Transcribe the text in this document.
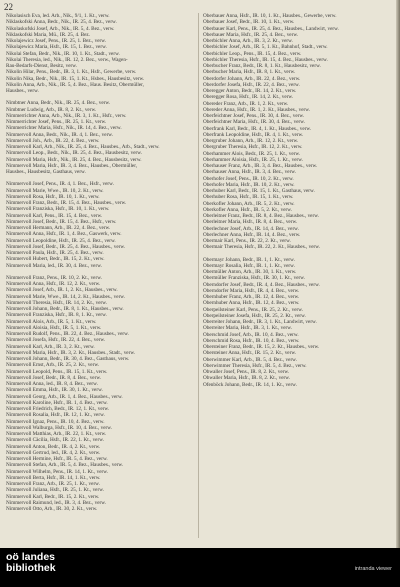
22
Nikolasisch Eva, led. Arb., Nik., 9/1, 1. Kt., verw.
Niklaskofski Anna, Bedr., Nik., IR. 25, 4. Bez., verw.
Nikolaskofski Josef, Arb., Nik., IR. 5, 4. Bez., verw.
Niklaskofski Maria, Mü., IR. 25, 4. Bez.
Nikolajewicz Josef, Pens., IR. 25, 1. Bez., verw.
Nikolajewicz Maria, Hsfr., IR. 15, 1. Bez., verw.
Nikolai Stefan, Bedr., Nik., IR. 10, 1. Kt., Stadt., verw.
Nikolai Theresia, led., Nik., IR. 12, 2. Bez., verw., Wagen-
Rau-Bedarfs-Dienst, Besitz, verw.
Nikolin Hilar, Pens., Bedr., IR. 3, 1. Kt., Hsfr., Gewerbe, verw.
Nikolin Nika, Bedr., Nik., IR. 15, 1. Kt., Hsbes., Hausbesitz, verw.
Nikolin Anna, Arb., Nik., IR. 5, 4. Bez., Haus. Besitz, Obermüller,
Hausbes., verw.
Nimbtner Anna, Bedr., Nik., IR. 25, 4. Bez., verw.
Nimbtner Ludwig, Arb., IR. 8, 2. Kt., verw.
Nimmerrichter Anna, Arb., Nik., IR. 3, 1. Kt., Hsfr., verw.
Nimmerrichter Josef, Pens., IR. 25, 1. Kt., verw.
Nimmerrichter Maria, Hsfr., Nik., IR. 14, 4. Bez., verw.
Nimmervoll Anna, Bedr., Nik., IR. 4, 1. Bez., verw.
Nimmervoll Joh., Arb., IR. 22, 4. Bez., verw.
Nimmervoll Karl, Arb., Nik., IR. 25, 4. Bez., Hausbes., Arb., Stadt., verw.
Nimmervoll Leop., Bedr., Nik., IR. 25, 4. Bez., Hausbesitz, verw.
Nimmervoll Maria, Hsfr., Nik., IR. 25, 4. Bez., Hausbesitz, verw.
Nimmervoll Maria, Hsfr., IR. 3, 4. Bez., Hausbes., Obermüller,
Hausbes., Hausbesitz, Gasthaus, verw.
Nimmervoll Josef, Pens., IR. 4, 1. Bez., Hsfr., verw.
Nimmervoll Marie, Wwe., IR. 10, 2. Kt., verw.
Nimmervoll Rosa, Hsfr., IR. 10, 1. Kt., verw.
Nimmervoll Franz, Bedr., IR. 15, 4. Bez., Hausbes., verw.
Nimmervoll Franziska, Hsfr., IR. 10, 1. Kt., verw.
Nimmervoll Karl, Pens., IR. 15, 4. Bez., verw.
Nimmervoll Josef, Bedr., IR. 15, 4. Bez., Hsfr., verw.
Nimmervoll Hermann, Arb., IR. 22, 4. Bez., verw.
Nimmervoll Anna, Hsfr., IR. 1, 4. Bez., Gaswerk, verw.
Nimmervoll Leopoldine, Hsfr., IR. 25, 4. Bez., verw.
Nimmervoll Josef, Bedr., IR. 25, 4. Bez., Hausbes., verw.
Nimmervoll Paula, Hsfr., IR. 25, 4. Bez., verw.
Nimmervoll Hubert, Bedr., IR. 15, 2. Kt., verw.
Nimmervoll Maria, led., IR. 30, 4. Bez., verw.
Nimmervoll Franz, Pens., IR. 10, 2. Kt., verw.
Nimmervoll Anna, Hsfr., IR. 12, 2. Kt., verw.
Nimmervoll Josef, Arb., IR. 1, 2. Kt., Hausbes., verw.
Nimmervoll Marie, Wwe., IR. 14, 2. Kt., Hausbes., verw.
Nimmervoll Theresia, Hsfr., IR. 14, 2. Kt., verw.
Nimmervoll Johann, Bedr., IR. 8, 1. Kt., Hausbes., verw.
Nimmervoll Franziska, Hsfr., IR. 8, 1. Kt., verw.
Nimmervoll Alois, Arb., IR. 5, 1. Kt., verw.
Nimmervoll Aloisia, Hsfr., IR. 5, 1. Kt., verw.
Nimmervoll Rudolf, Pens., IR. 22, 4. Bez., Hausbes., verw.
Nimmervoll Josefa, Hsfr., IR. 22, 4. Bez., verw.
Nimmervoll Karl, Arb., IR. 3, 2. Kt., verw.
Nimmervoll Maria, Hsfr., IR. 3, 2. Kt., Hausbes., Stadt., verw.
Nimmervoll Johann, Bedr., IR. 30, 4. Bez., Gasthaus, verw.
Nimmervoll Ernst, Arb., IR. 25, 2. Kt., verw.
Nimmervoll Leopold, Pens., IR. 15, 1. Kt., verw.
Nimmervoll Josef, Bedr., IR. 8, 4. Bez., verw.
Nimmervoll Anna, led., IR. 8, 4. Bez., verw.
Nimmervoll Emma, Hsfr., IR. 30, 1. Kt., verw.
Nimmervoll Georg, Arb., IR. 1, 4. Bez., Hausbes., verw.
Nimmervoll Karoline, Hsfr., IR. 1, 4. Bez., verw.
Nimmervoll Friedrich, Bedr., IR. 12, 1. Kt., verw.
Nimmervoll Rosalia, Hsfr., IR. 12, 1. Kt., verw.
Nimmervoll Ignaz, Pens., IR. 10, 4. Bez., verw.
Nimmervoll Walburga, Hsfr., IR. 10, 4. Bez., verw.
Nimmervoll Matthias, Arb., IR. 22, 1. Kt., verw.
Nimmervoll Cäcilia, Hsfr., IR. 22, 1. Kt., verw.
Nimmervoll Anton, Bedr., IR. 4, 2. Kt., verw.
Nimmervoll Gertrud, led., IR. 4, 2. Kt., verw.
Nimmervoll Hermine, Hsfr., IR. 5, 4. Bez., verw.
Nimmervoll Stefan, Arb., IR. 5, 4. Bez., Hausbes., verw.
Nimmervoll Wilhelm, Pens., IR. 14, 1. Kt., verw.
Nimmervoll Berta, Hsfr., IR. 14, 1. Kt., verw.
Nimmervoll Franz, Arb., IR. 25, 1. Kt., verw.
Nimmervoll Juliana, Hsfr., IR. 25, 1. Kt., verw.
Nimmervoll Karl, Bedr., IR. 15, 2. Kt., verw.
Nimmervoll Raimund, led., IR. 3, 4. Bez., verw.
Nimmervoll Otto, Arb., IR. 30, 2. Kt., verw.
Oberbauer Anna, Hsfr., IR. 10, 1. Kt., Hausbes., Gewerbe, verw.
Oberbauer Josef, Bedr., IR. 10, 1. Kt., verw.
Oberbauer Karl, Pens., IR. 25, 4. Bez., Hausbes., Landwirt, verw.
Oberbauer Maria, Hsfr., IR. 25, 4. Bez., verw.
Oberbichler Anna, Arb., IR. 3, 2. Kt., verw.
Oberbichler Josef, Arb., IR. 5, 1. Kt., Bahnhof, Stadt., verw.
Oberbichler Leop., Pens., IR. 15, 4. Bez., verw.
Oberbichler Theresia, Hsfr., IR. 15, 4. Bez., Hausbes., verw.
Oberbucher Franz, Bedr., IR. 8, 1. Kt., Hausbesitz, verw.
Oberbucher Maria, Hsfr., IR. 8, 1. Kt., verw.
Oberdorfer Johann, Arb., IR. 22, 4. Bez., verw.
Oberdorfer Josefa, Hsfr., IR. 22, 4. Bez., verw.
Oberegger Anton, Bedr., IR. 14, 2. Kt., verw.
Oberegger Rosa, Hsfr., IR. 14, 2. Kt., verw.
Obereder Franz, Arb., IR. 1, 2. Kt., verw.
Obereder Anna, Hsfr., IR. 1, 2. Kt., Hausbes., verw.
Oberfeichtner Josef, Pens., IR. 30, 4. Bez., verw.
Oberfeichtner Maria, Hsfr., IR. 30, 4. Bez., verw.
Oberfrank Karl, Bedr., IR. 4, 1. Kt., Hausbes., verw.
Oberfrank Leopoldine, Hsfr., IR. 4, 1. Kt., verw.
Obergruber Johann, Arb., IR. 12, 2. Kt., verw.
Obergruber Theresia, Hsfr., IR. 12, 2. Kt., verw.
Oberhammer Alois, Bedr., IR. 25, 1. Kt., verw.
Oberhammer Aloisia, Hsfr., IR. 25, 1. Kt., verw.
Oberhauser Franz, Arb., IR. 3, 4. Bez., Hausbes., verw.
Oberhauser Anna, Hsfr., IR. 3, 4. Bez., verw.
Oberhofer Josef, Pens., IR. 10, 2. Kt., verw.
Oberhofer Maria, Hsfr., IR. 10, 2. Kt., verw.
Oberhuber Karl, Bedr., IR. 15, 1. Kt., Gasthaus, verw.
Oberhuber Rosa, Hsfr., IR. 15, 1. Kt., verw.
Oberkofler Johann, Arb., IR. 5, 2. Kt., verw.
Oberkofler Anna, Hsfr., IR. 5, 2. Kt., verw.
Oberleitner Franz, Bedr., IR. 8, 4. Bez., Hausbes., verw.
Oberleitner Maria, Hsfr., IR. 8, 4. Bez., verw.
Oberlechner Josef, Arb., IR. 14, 4. Bez., verw.
Oberlechner Anna, Hsfr., IR. 14, 4. Bez., verw.
Obermair Karl, Pens., IR. 22, 2. Kt., verw.
Obermair Theresia, Hsfr., IR. 22, 2. Kt., Hausbes., verw.
Obermayr Johann, Bedr., IR. 1, 1. Kt., verw.
Obermayr Rosalia, Hsfr., IR. 1, 1. Kt., verw.
Obermüller Anton, Arb., IR. 30, 1. Kt., verw.
Obermüller Franziska, Hsfr., IR. 30, 1. Kt., verw.
Oberndorfer Josef, Bedr., IR. 4, 4. Bez., Hausbes., verw.
Oberndorfer Maria, Hsfr., IR. 4, 4. Bez., verw.
Obernhuber Franz, Arb., IR. 12, 4. Bez., verw.
Obernhuber Anna, Hsfr., IR. 12, 4. Bez., verw.
Oberpeilsteiner Karl, Pens., IR. 25, 2. Kt., verw.
Oberpeilsteiner Josefa, Hsfr., IR. 25, 2. Kt., verw.
Oberreiter Johann, Bedr., IR. 3, 1. Kt., Landwirt, verw.
Oberreiter Maria, Hsfr., IR. 3, 1. Kt., verw.
Oberschmid Josef, Arb., IR. 10, 4. Bez., verw.
Oberschmid Rosa, Hsfr., IR. 10, 4. Bez., verw.
Obersteiner Franz, Bedr., IR. 15, 2. Kt., Hausbes., verw.
Obersteiner Anna, Hsfr., IR. 15, 2. Kt., verw.
Oberwimmer Karl, Arb., IR. 5, 4. Bez., verw.
Oberwimmer Theresia, Hsfr., IR. 5, 4. Bez., verw.
Obwaller Josef, Pens., IR. 8, 2. Kt., verw.
Obwaller Maria, Hsfr., IR. 8, 2. Kt., verw.
Ofenböck Johann, Bedr., IR. 14, 1. Kt., verw.
oö landes
bibliothek	intranda viewer
